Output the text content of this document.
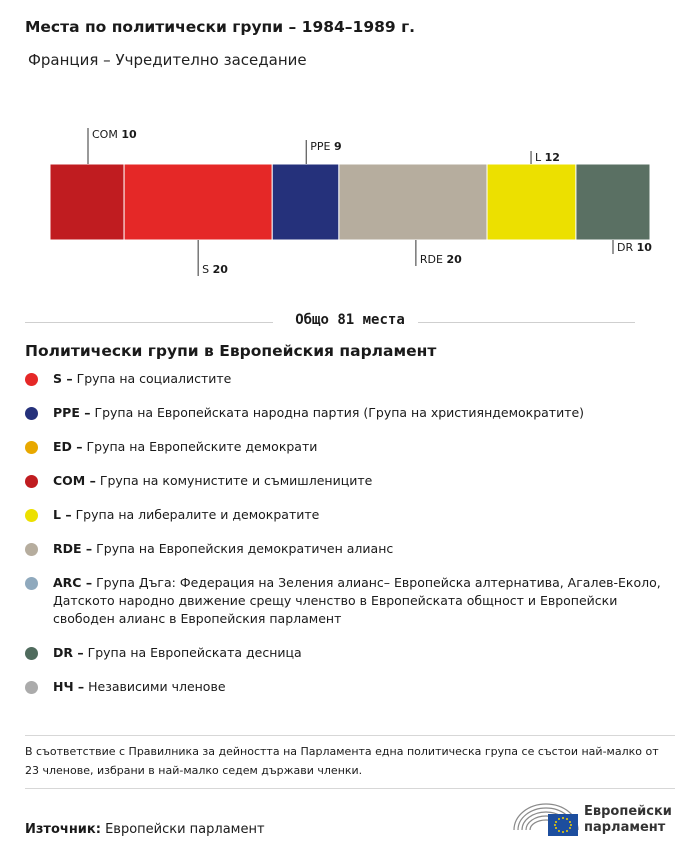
Места по политически групи – 1984–1989 г.

Франция – Учредително заседание

COM 10
S 20
PPE 9
RDE 20
L 12
DR 10
Общо 81 места
Политически групи в Европейския парламент
S – Група на социалистите
PPE – Група на Европейската народна партия (Група на християндемократите)
ED – Група на Европейските демократи
COM – Група на комунистите и съмишлениците
L – Група на либералите и демократите
RDE – Група на Европейския демократичен алианс
ARC – Група Дъга: Федерация на Зеления алианс– Европейска алтернатива, Агалев-Еколо, Датското народно движение срещу членство в Европейската общност и Европейски свободен алианс в Европейския парламент
DR – Група на Европейската десница
НЧ – Независими членове

В съответствие с Правилника за дейността на Парламента една политическа група се състои най-малко от 23 членове, избрани в най-малко седем държави членки.

Източник: Европейски парламент

Европейски
парламент
